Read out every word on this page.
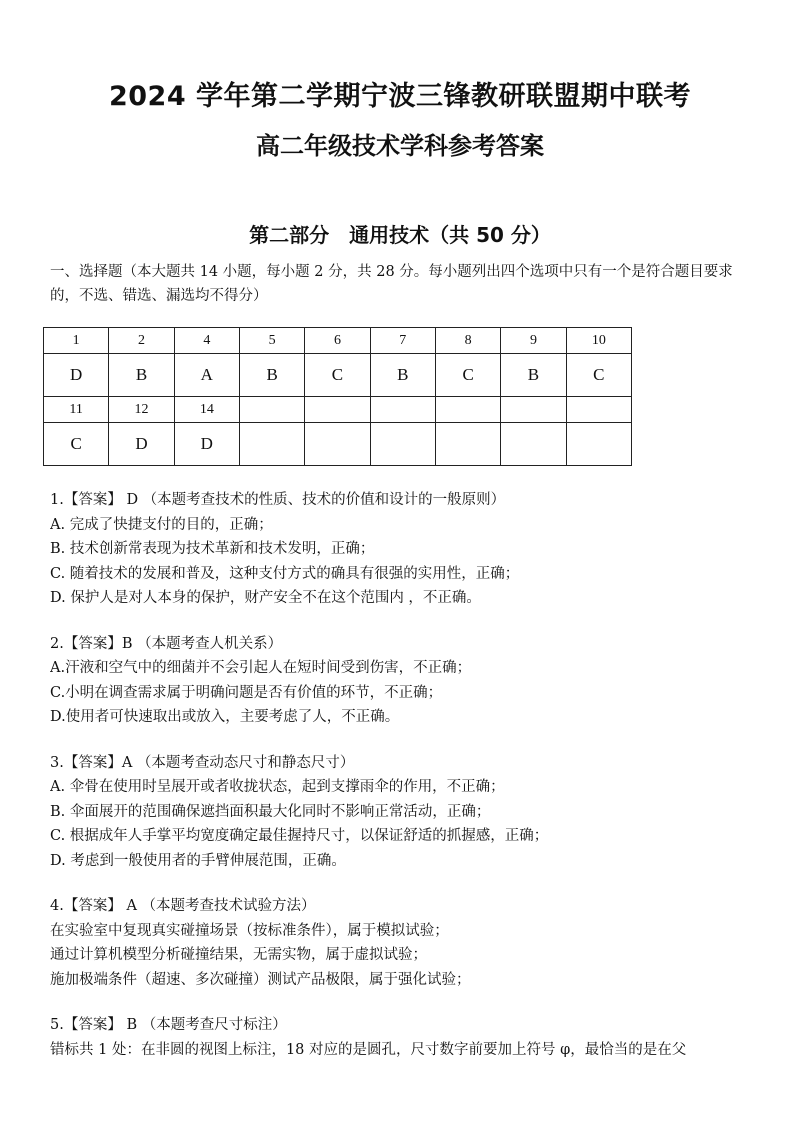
2024 学年第二学期宁波三锋教研联盟期中联考
高二年级技术学科参考答案
第二部分　通用技术（共 50 分）
一、选择题（本大题共 14 小题，每小题 2 分，共 28 分。每小题列出四个选项中只有一个是符合题目要求的，不选、错选、漏选均不得分）
1	2	4	5	6	7	8	9	10
D	B	A	B	C	B	C	B	C
11	12	14						
C	D	D						
1.【答案】 D （本题考查技术的性质、技术的价值和设计的一般原则）
A. 完成了快捷支付的目的，正确；
B. 技术创新常表现为技术革新和技术发明，正确；
C. 随着技术的发展和普及，这种支付方式的确具有很强的实用性，正确；
D. 保护人是对人本身的保护，财产安全不在这个范围内 ，不正确。
2.【答案】B （本题考查人机关系）
A.汗液和空气中的细菌并不会引起人在短时间受到伤害，不正确；
C.小明在调查需求属于明确问题是否有价值的环节，不正确；
D.使用者可快速取出或放入，主要考虑了人，不正确。
3.【答案】A （本题考查动态尺寸和静态尺寸）
A. 伞骨在使用时呈展开或者收拢状态，起到支撑雨伞的作用，不正确；
B. 伞面展开的范围确保遮挡面积最大化同时不影响正常活动，正确；
C. 根据成年人手掌平均宽度确定最佳握持尺寸，以保证舒适的抓握感，正确；
D. 考虑到一般使用者的手臂伸展范围，正确。
4.【答案】 A （本题考查技术试验方法）
在实验室中复现真实碰撞场景（按标准条件），属于模拟试验；
通过计算机模型分析碰撞结果，无需实物，属于虚拟试验；
施加极端条件（超速、多次碰撞）测试产品极限，属于强化试验；
5.【答案】 B （本题考查尺寸标注）
错标共 1 处：在非圆的视图上标注，18 对应的是圆孔，尺寸数字前要加上符号 φ，最恰当的是在父
